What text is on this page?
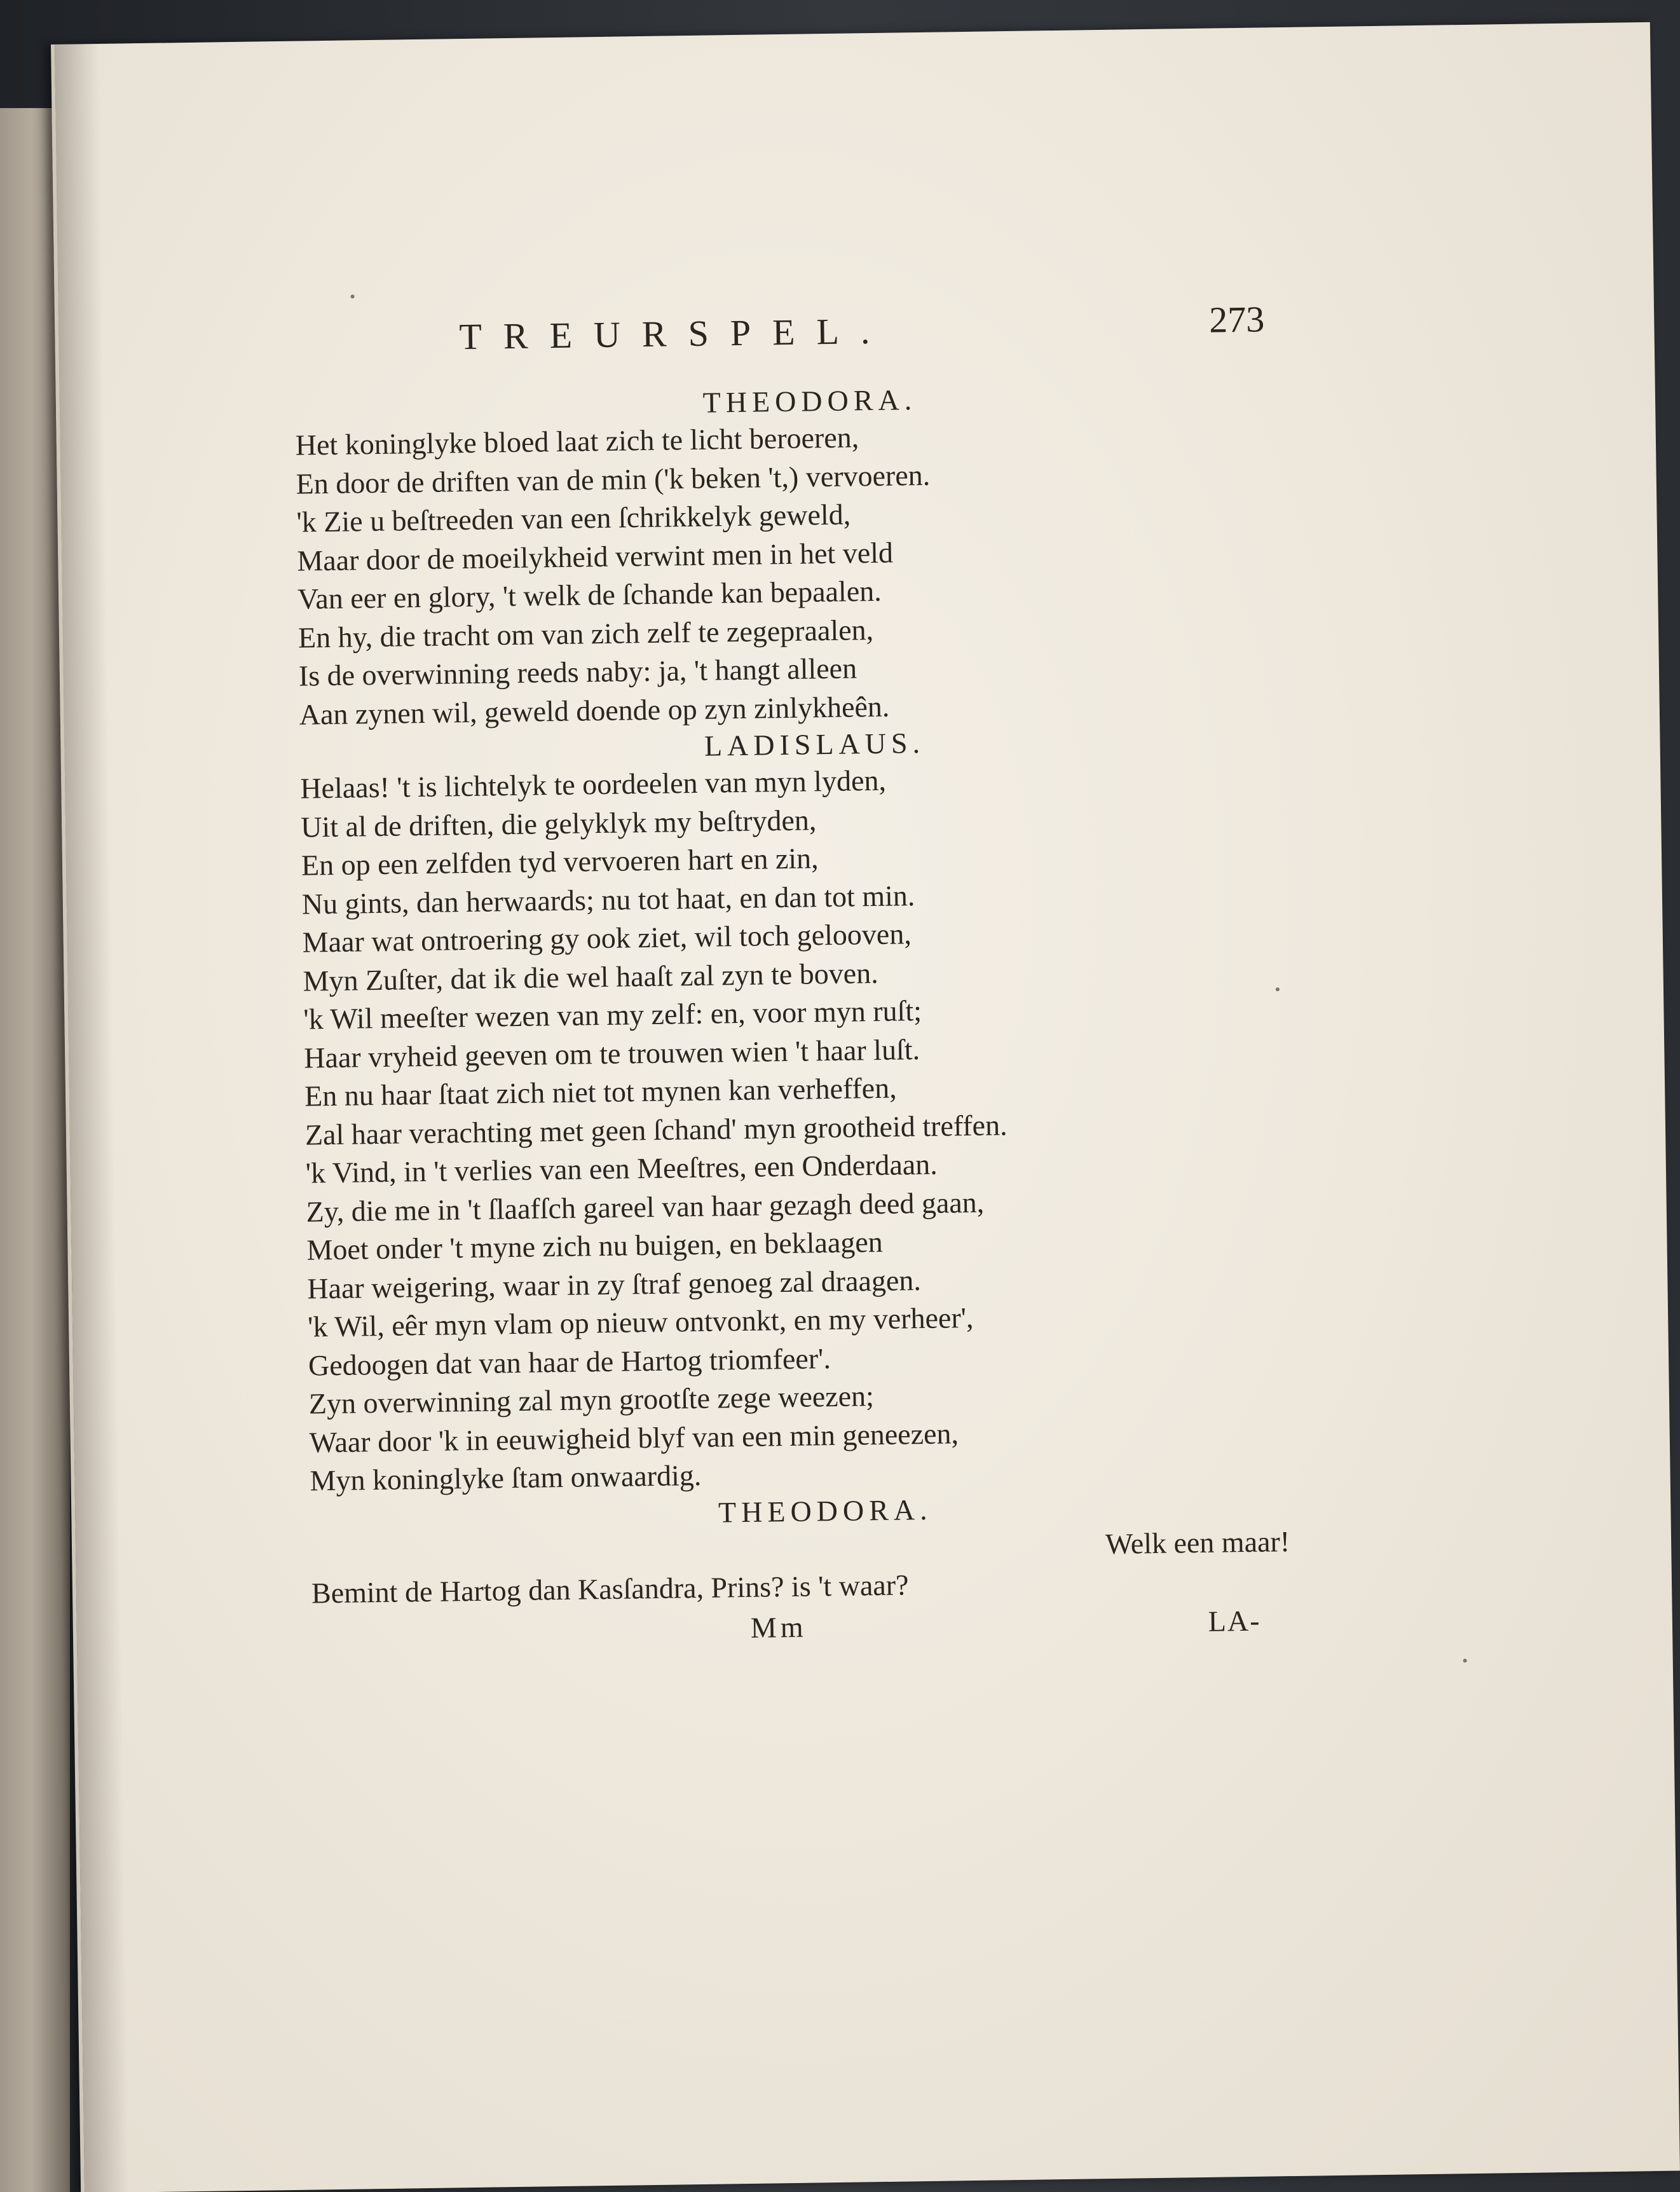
TREURSPEL.	273
THEODORA.
Het koninglyke bloed laat zich te licht beroeren,
En door de driften van de min ('k beken 't,) vervoeren.
'k Zie u beſtreeden van een ſchrikkelyk geweld,
Maar door de moeilykheid verwint men in het veld
Van eer en glory, 't welk de ſchande kan bepaalen.
En hy, die tracht om van zich zelf te zegepraalen,
Is de overwinning reeds naby: ja, 't hangt alleen
Aan zynen wil, geweld doende op zyn zinlykheên.
LADISLAUS.
Helaas! 't is lichtelyk te oordeelen van myn lyden,
Uit al de driften, die gelyklyk my beſtryden,
En op een zelfden tyd vervoeren hart en zin,
Nu gints, dan herwaards; nu tot haat, en dan tot min.
Maar wat ontroering gy ook ziet, wil toch gelooven,
Myn Zuſter, dat ik die wel haaſt zal zyn te boven.
'k Wil meeſter wezen van my zelf: en, voor myn ruſt;
Haar vryheid geeven om te trouwen wien 't haar luſt.
En nu haar ſtaat zich niet tot mynen kan verheffen,
Zal haar verachting met geen ſchand' myn grootheid treffen.
'k Vind, in 't verlies van een Meeſtres, een Onderdaan.
Zy, die me in 't ſlaafſch gareel van haar gezagh deed gaan,
Moet onder 't myne zich nu buigen, en beklaagen
Haar weigering, waar in zy ſtraf genoeg zal draagen.
'k Wil, eêr myn vlam op nieuw ontvonkt, en my verheer',
Gedoogen dat van haar de Hartog triomfeer'.
Zyn overwinning zal myn grootſte zege weezen;
Waar door 'k in eeuwigheid blyf van een min geneezen,
Myn koninglyke ſtam onwaardig.
THEODORA.
Welk een maar!
Bemint de Hartog dan Kasſandra, Prins? is 't waar?
Mm	LA-
